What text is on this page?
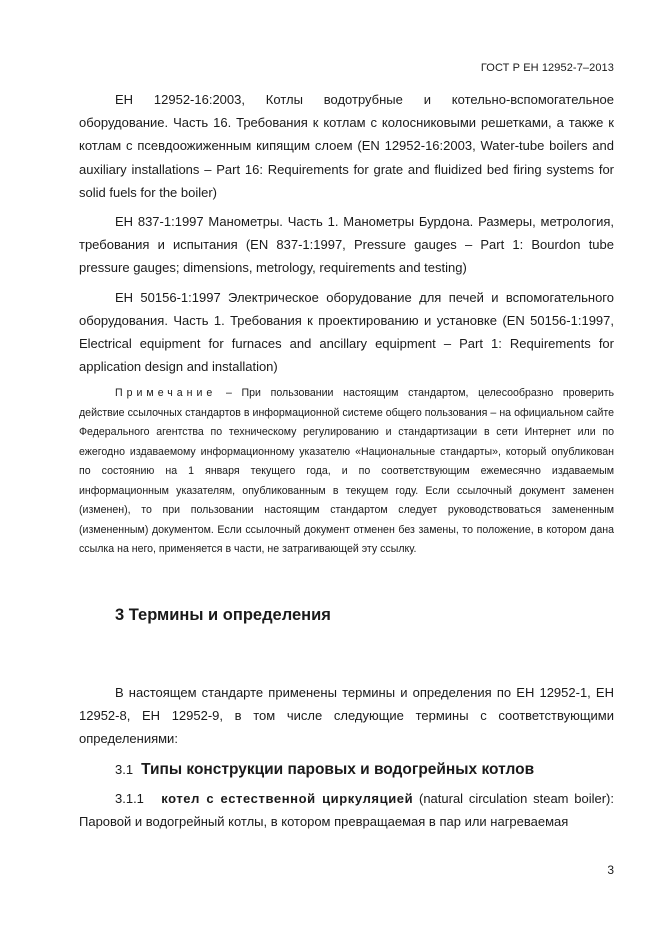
ГОСТ Р ЕН 12952-7–2013

ЕН 12952-16:2003, Котлы водотрубные и котельно-вспомогательное оборудование. Часть 16. Требования к котлам с колосниковыми решетками, а также к котлам с псевдоожиженным кипящим слоем (EN 12952-16:2003, Water-tube boilers and auxiliary installations – Part 16: Requirements for grate and fluidized bed firing systems for solid fuels for the boiler)

ЕН 837-1:1997 Манометры. Часть 1. Манометры Бурдона. Размеры, метрология, требования и испытания (EN 837-1:1997, Pressure gauges – Part 1: Bourdon tube pressure gauges; dimensions, metrology, requirements and testing)

ЕН 50156-1:1997 Электрическое оборудование для печей и вспомогательного оборудования. Часть 1. Требования к проектированию и установке (EN 50156-1:1997, Electrical equipment for furnaces and ancillary equipment – Part 1: Requirements for application design and installation)

Примечание – При пользовании настоящим стандартом, целесообразно проверить действие ссылочных стандартов в информационной системе общего пользования – на официальном сайте Федерального агентства по техническому регулированию и стандартизации в сети Интернет или по ежегодно издаваемому информационному указателю «Национальные стандарты», который опубликован по состоянию на 1 января текущего года, и по соответствующим ежемесячно издаваемым информационным указателям, опубликованным в текущем году. Если ссылочный документ заменен (изменен), то при пользовании настоящим стандартом следует руководствоваться замененным (измененным) документом. Если ссылочный документ отменен без замены, то положение, в котором дана ссылка на него, применяется в части, не затрагивающей эту ссылку.

3 Термины и определения

В настоящем стандарте применены термины и определения по ЕН 12952-1, ЕН 12952-8, ЕН 12952-9, в том числе следующие термины с соответствующими определениями:

3.1 Типы конструкции паровых и водогрейных котлов

3.1.1 котел с естественной циркуляцией (natural circulation steam boiler): Паровой и водогрейный котлы, в котором превращаемая в пар или нагреваемая

3
